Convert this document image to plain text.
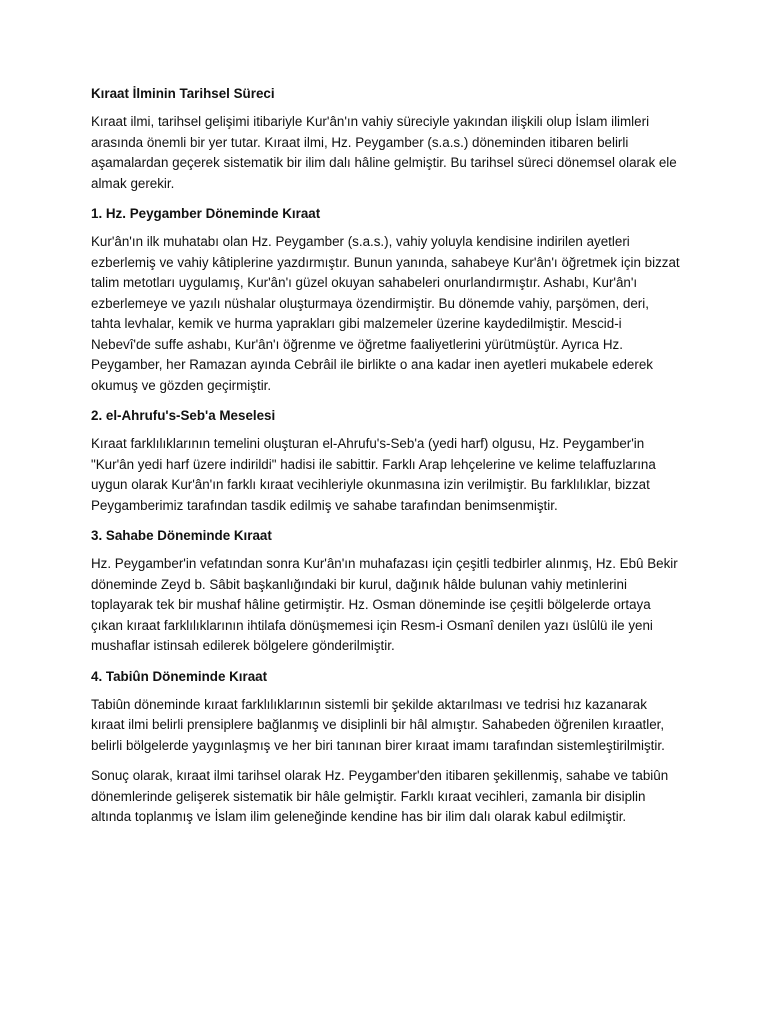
Kıraat İlminin Tarihsel Süreci

Kıraat ilmi, tarihsel gelişimi itibariyle Kur'ân'ın vahiy süreciyle yakından ilişkili olup İslam ilimleri arasında önemli bir yer tutar. Kıraat ilmi, Hz. Peygamber (s.a.s.) döneminden itibaren belirli aşamalardan geçerek sistematik bir ilim dalı hâline gelmiştir. Bu tarihsel süreci dönemsel olarak ele almak gerekir.

1. Hz. Peygamber Döneminde Kıraat

Kur'ân'ın ilk muhatabı olan Hz. Peygamber (s.a.s.), vahiy yoluyla kendisine indirilen ayetleri ezberlemiş ve vahiy kâtiplerine yazdırmıştır. Bunun yanında, sahabeye Kur'ân'ı öğretmek için bizzat talim metotları uygulamış, Kur'ân'ı güzel okuyan sahabeleri onurlandırmıştır. Ashabı, Kur'ân'ı ezberlemeye ve yazılı nüshalar oluşturmaya özendirmiştir. Bu dönemde vahiy, parşömen, deri, tahta levhalar, kemik ve hurma yaprakları gibi malzemeler üzerine kaydedilmiştir. Mescid-i Nebevî'de suffe ashabı, Kur'ân'ı öğrenme ve öğretme faaliyetlerini yürütmüştür. Ayrıca Hz. Peygamber, her Ramazan ayında Cebrâil ile birlikte o ana kadar inen ayetleri mukabele ederek okumuş ve gözden geçirmiştir.

2. el-Ahrufu's-Seb'a Meselesi

Kıraat farklılıklarının temelini oluşturan el-Ahrufu's-Seb'a (yedi harf) olgusu, Hz. Peygamber'in "Kur'ân yedi harf üzere indirildi" hadisi ile sabittir. Farklı Arap lehçelerine ve kelime telaffuzlarına uygun olarak Kur'ân'ın farklı kıraat vecihleriyle okunmasına izin verilmiştir. Bu farklılıklar, bizzat Peygamberimiz tarafından tasdik edilmiş ve sahabe tarafından benimsenmiştir.

3. Sahabe Döneminde Kıraat

Hz. Peygamber'in vefatından sonra Kur'ân'ın muhafazası için çeşitli tedbirler alınmış, Hz. Ebû Bekir döneminde Zeyd b. Sâbit başkanlığındaki bir kurul, dağınık hâlde bulunan vahiy metinlerini toplayarak tek bir mushaf hâline getirmiştir. Hz. Osman döneminde ise çeşitli bölgelerde ortaya çıkan kıraat farklılıklarının ihtilafa dönüşmemesi için Resm-i Osmanî denilen yazı üslûlü ile yeni mushaflar istinsah edilerek bölgelere gönderilmiştir.

4. Tabiûn Döneminde Kıraat

Tabiûn döneminde kıraat farklılıklarının sistemli bir şekilde aktarılması ve tedrisi hız kazanarak kıraat ilmi belirli prensiplere bağlanmış ve disiplinli bir hâl almıştır. Sahabeden öğrenilen kıraatler, belirli bölgelerde yaygınlaşmış ve her biri tanınan birer kıraat imamı tarafından sistemleştirilmiştir.

Sonuç olarak, kıraat ilmi tarihsel olarak Hz. Peygamber'den itibaren şekillenmiş, sahabe ve tabiûn dönemlerinde gelişerek sistematik bir hâle gelmiştir. Farklı kıraat vecihleri, zamanla bir disiplin altında toplanmış ve İslam ilim geleneğinde kendine has bir ilim dalı olarak kabul edilmiştir.
